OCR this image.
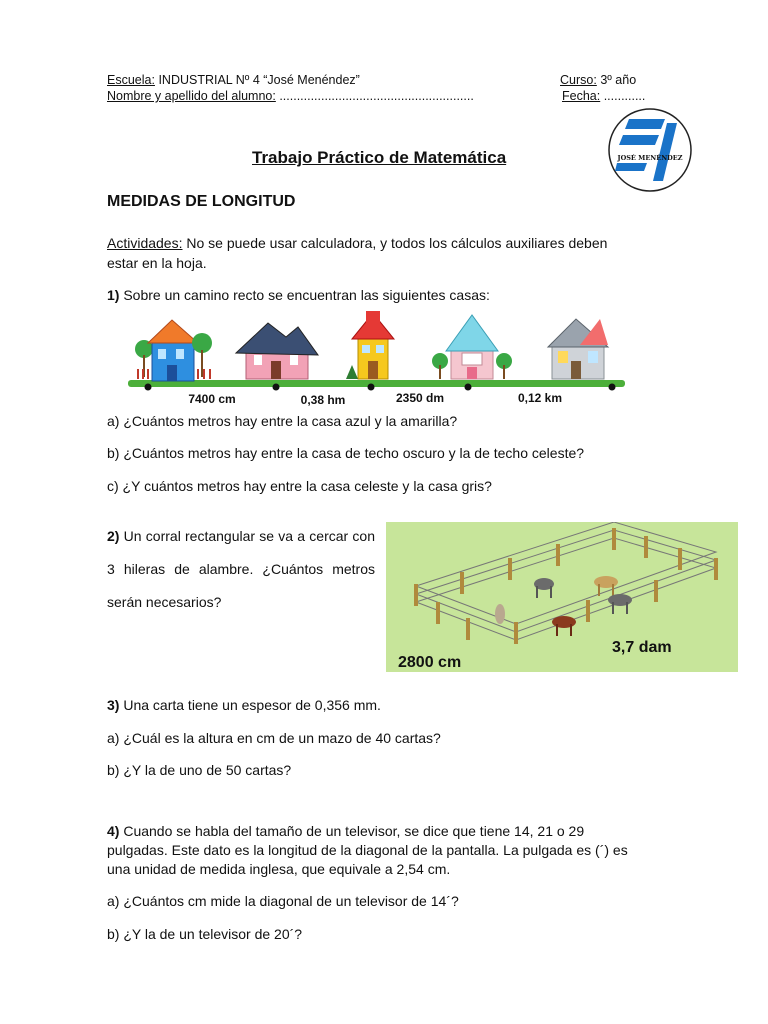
Escuela: INDUSTRIAL Nº 4 “José Menéndez”	Curso: 3º año
Nombre y apellido del alumno: ........................................................	Fecha: ............
JOSÉ MENÉNDEZ
Trabajo Práctico de Matemática
MEDIDAS DE LONGITUD
Actividades: No se puede usar calculadora, y todos los cálculos auxiliares deben estar en la hoja.
1) Sobre un camino recto se encuentran las siguientes casas:
7400 cm	0,38 hm	2350 dm	0,12 km
a) ¿Cuántos metros hay entre la casa azul y la amarilla?
b) ¿Cuántos metros hay entre la casa de techo oscuro y la de techo celeste?
c) ¿Y cuántos metros hay entre la casa celeste y la casa gris?
2) Un corral rectangular se va a cercar con 3 hileras de alambre. ¿Cuántos metros serán necesarios?
2800 cm
3,7 dam
3) Una carta tiene un espesor de 0,356 mm.
a) ¿Cuál es la altura en cm de un mazo de 40 cartas?
b) ¿Y la de uno de 50 cartas?
4) Cuando se habla del tamaño de un televisor, se dice que tiene 14, 21 o 29 pulgadas. Este dato es la longitud de la diagonal de la pantalla. La pulgada es (´) es una unidad de medida inglesa, que equivale a 2,54 cm.
a) ¿Cuántos cm mide la diagonal de un televisor de 14´?
b) ¿Y la de un televisor de 20´?
